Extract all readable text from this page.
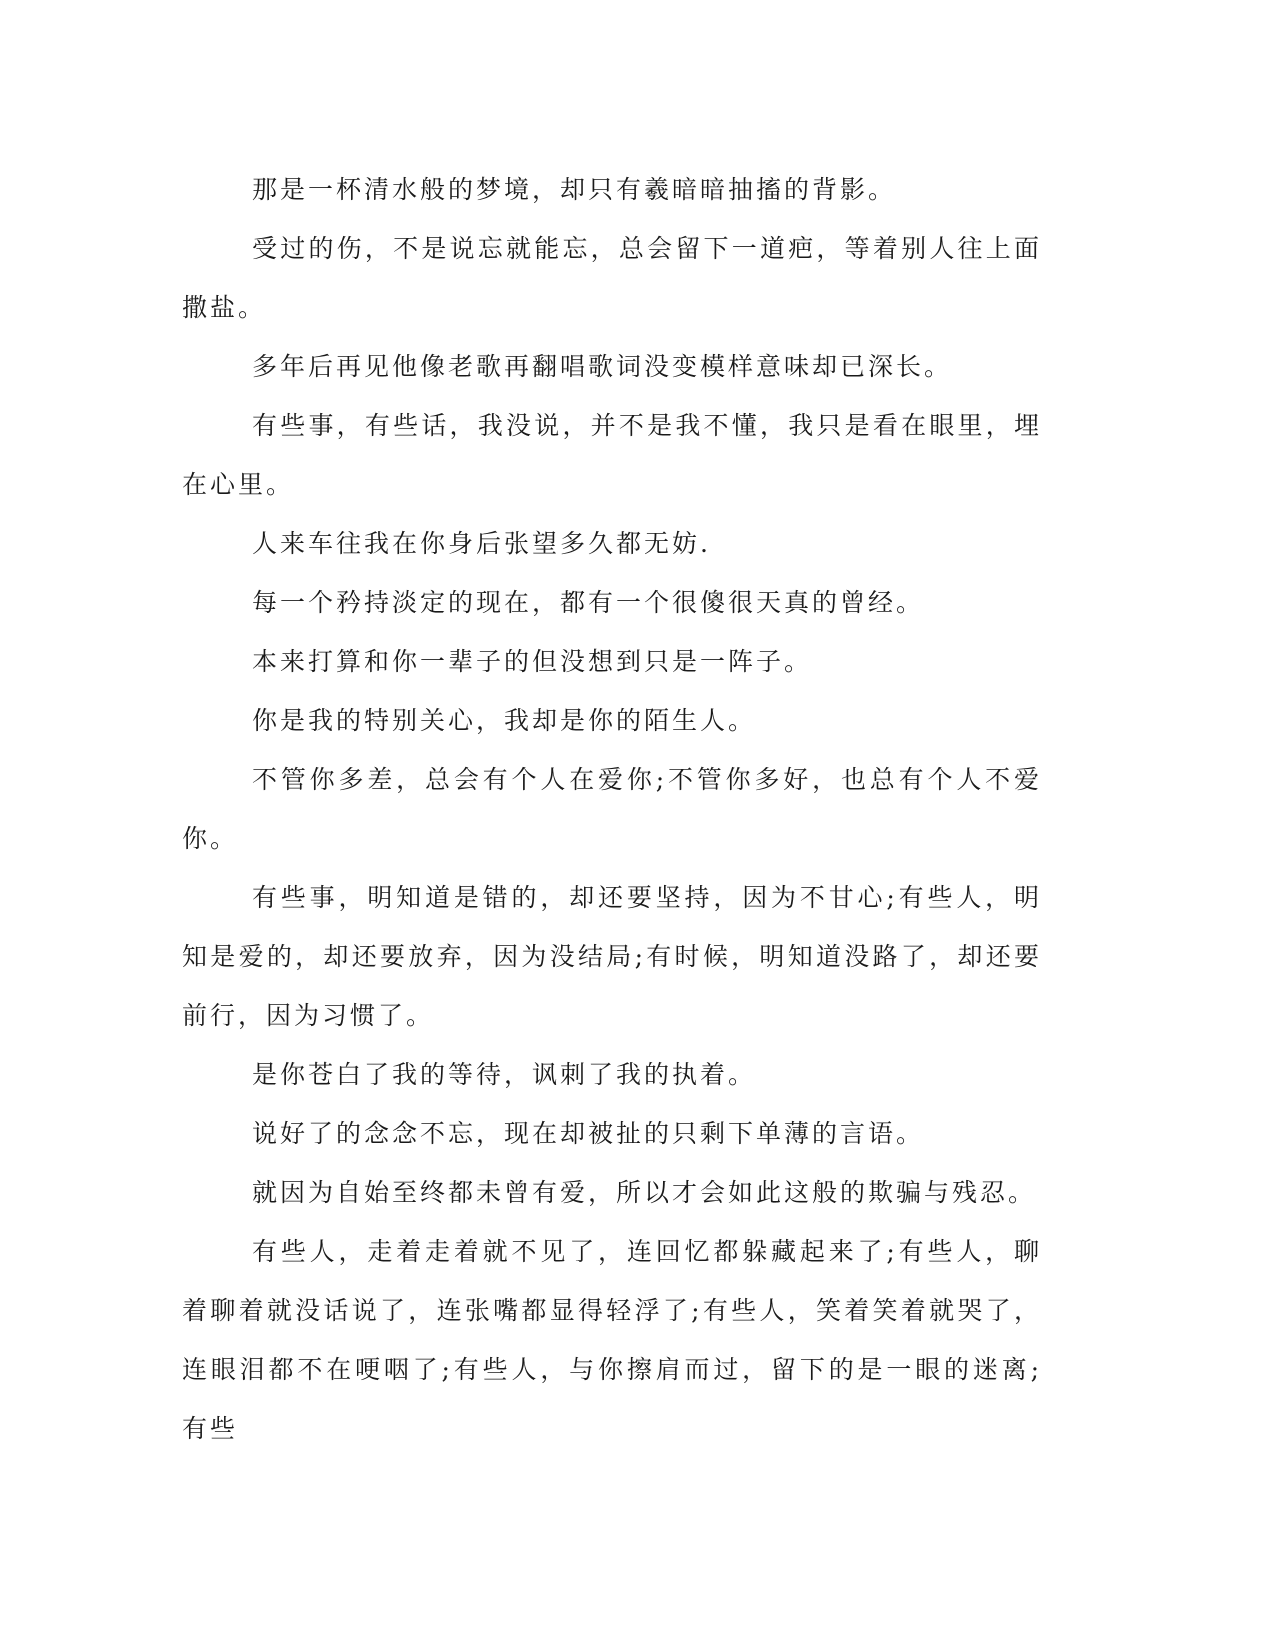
那是一杯清水般的梦境，却只有羲暗暗抽搐的背影。

受过的伤，不是说忘就能忘，总会留下一道疤，等着别人往上面撒盐。

多年后再见他像老歌再翻唱歌词没变模样意味却已深长。

有些事，有些话，我没说，并不是我不懂，我只是看在眼里，埋在心里。

人来车往我在你身后张望多久都无妨.

每一个矜持淡定的现在，都有一个很傻很天真的曾经。

本来打算和你一辈子的但没想到只是一阵子。

你是我的特别关心，我却是你的陌生人。

不管你多差，总会有个人在爱你;不管你多好，也总有个人不爱你。

有些事，明知道是错的，却还要坚持，因为不甘心;有些人，明知是爱的，却还要放弃，因为没结局;有时候，明知道没路了，却还要前行，因为习惯了。

是你苍白了我的等待，讽刺了我的执着。

说好了的念念不忘，现在却被扯的只剩下单薄的言语。

就因为自始至终都未曾有爱，所以才会如此这般的欺骗与残忍。

有些人，走着走着就不见了，连回忆都躲藏起来了;有些人，聊着聊着就没话说了，连张嘴都显得轻浮了;有些人，笑着笑着就哭了，连眼泪都不在哽咽了;有些人，与你擦肩而过，留下的是一眼的迷离;有些
